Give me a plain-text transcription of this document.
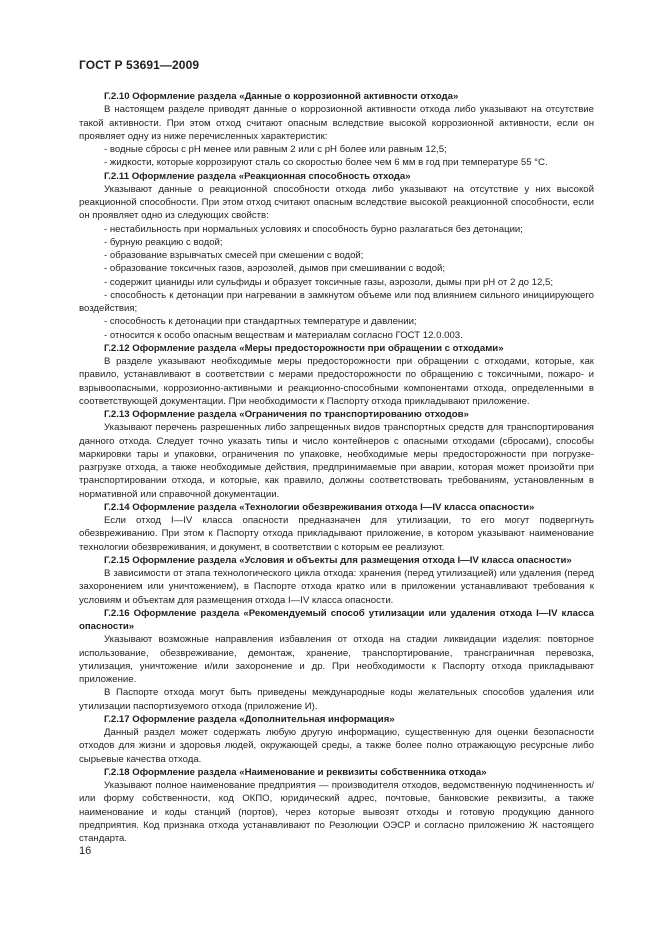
ГОСТ Р 53691—2009
Г.2.10 Оформление раздела «Данные о коррозионной активности отхода»

В настоящем разделе приводят данные о коррозионной активности отхода либо указывают на отсутствие такой активности. При этом отход считают опасным вследствие высокой коррозионной активности, если он проявляет одну из ниже перечисленных характеристик:

- водные сбросы с pH менее или равным 2 или с pH более или равным 12,5;
- жидкости, которые коррозируют сталь со скоростью более чем 6 мм в год при температуре 55 °С.
Г.2.11 Оформление раздела «Реакционная способность отхода»

Указывают данные о реакционной способности отхода либо указывают на отсутствие у них высокой реакционной способности. При этом отход считают опасным вследствие высокой реакционной способности, если он проявляет одно из следующих свойств:

- нестабильность при нормальных условиях и способность бурно разлагаться без детонации;
- бурную реакцию с водой;
- образование взрывчатых смесей при смешении с водой;
- образование токсичных газов, аэрозолей, дымов при смешивании с водой;
- содержит цианиды или сульфиды и образует токсичные газы, аэрозоли, дымы при pH от 2 до 12,5;
- способность к детонации при нагревании в замкнутом объеме или под влиянием сильного инициирующего воздействия;
- способность к детонации при стандартных температуре и давлении;
- относится к особо опасным веществам и материалам согласно ГОСТ 12.0.003.
Г.2.12 Оформление раздела «Меры предосторожности при обращении с отходами»

В разделе указывают необходимые меры предосторожности при обращении с отходами, которые, как правило, устанавливают в соответствии с мерами предосторожности по обращению с токсичными, пожаро- и взрывоопасными, коррозионно-активными и реакционно-способными компонентами отхода, определенными в соответствующей документации. При необходимости к Паспорту отхода прикладывают приложение.

Г.2.13 Оформление раздела «Ограничения по транспортированию отходов»

Указывают перечень разрешенных либо запрещенных видов транспортных средств для транспортирования данного отхода. Следует точно указать типы и число контейнеров с опасными отходами (сбросами), способы маркировки тары и упаковки, ограничения по упаковке, необходимые меры предосторожности при погрузке-разгрузке отхода, а также необходимые действия, предпринимаемые при аварии, которая может произойти при транспортировании отхода, и которые, как правило, должны соответствовать требованиям, установленным в нормативной или справочной документации.

Г.2.14 Оформление раздела «Технологии обезвреживания отхода I—IV класса опасности»

Если отход I—IV класса опасности предназначен для утилизации, то его могут подвергнуть обезвреживанию. При этом к Паспорту отхода прикладывают приложение, в котором указывают наименование технологии обезвреживания, и документ, в соответствии с которым ее реализуют.

Г.2.15 Оформление раздела «Условия и объекты для размещения отхода I—IV класса опасности»

В зависимости от этапа технологического цикла отхода: хранения (перед утилизацией) или удаления (перед захоронением или уничтожением), в Паспорте отхода кратко или в приложении устанавливают требования к условиям и объектам для размещения отхода I—IV класса опасности.

Г.2.16 Оформление раздела «Рекомендуемый способ утилизации или удаления отхода I—IV класса опасности»

Указывают возможные направления избавления от отхода на стадии ликвидации изделия: повторное использование, обезвреживание, демонтаж, хранение, транспортирование, трансграничная перевозка, утилизация, уничтожение и/или захоронение и др. При необходимости к Паспорту отхода прикладывают приложение.

В Паспорте отхода могут быть приведены международные коды желательных способов удаления или утилизации паспортизуемого отхода (приложение И).

Г.2.17 Оформление раздела «Дополнительная информация»

Данный раздел может содержать любую другую информацию, существенную для оценки безопасности отходов для жизни и здоровья людей, окружающей среды, а также более полно отражающую ресурсные либо сырьевые качества отхода.

Г.2.18 Оформление раздела «Наименование и реквизиты собственника отхода»

Указывают полное наименование предприятия — производителя отходов, ведомственную подчиненность и/или форму собственности, код ОКПО, юридический адрес, почтовые, банковские реквизиты, а также наименование и коды станций (портов), через которые вывозят отходы и готовую продукцию данного предприятия. Код признака отхода устанавливают по Резолюции ОЭСР и согласно приложению Ж настоящего стандарта.

16
